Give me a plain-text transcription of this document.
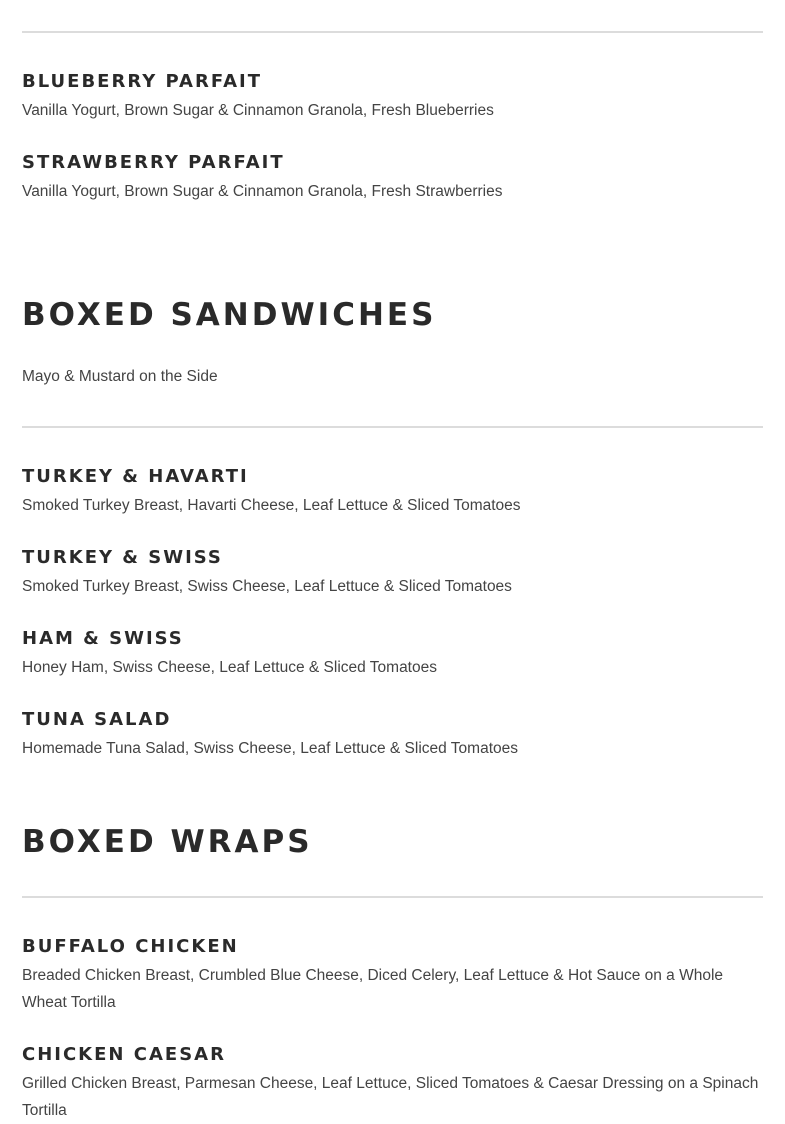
BLUEBERRY PARFAIT

Vanilla Yogurt, Brown Sugar & Cinnamon Granola, Fresh Blueberries

STRAWBERRY PARFAIT

Vanilla Yogurt, Brown Sugar & Cinnamon Granola, Fresh Strawberries

BOXED SANDWICHES

Mayo & Mustard on the Side

TURKEY & HAVARTI

Smoked Turkey Breast, Havarti Cheese, Leaf Lettuce & Sliced Tomatoes

TURKEY & SWISS

Smoked Turkey Breast, Swiss Cheese, Leaf Lettuce & Sliced Tomatoes

HAM & SWISS

Honey Ham, Swiss Cheese, Leaf Lettuce & Sliced Tomatoes

TUNA SALAD

Homemade Tuna Salad, Swiss Cheese, Leaf Lettuce & Sliced Tomatoes

BOXED WRAPS
BUFFALO CHICKEN

Breaded Chicken Breast, Crumbled Blue Cheese, Diced Celery, Leaf Lettuce & Hot Sauce on a Whole Wheat Tortilla

CHICKEN CAESAR

Grilled Chicken Breast, Parmesan Cheese, Leaf Lettuce, Sliced Tomatoes & Caesar Dressing on a Spinach Tortilla
